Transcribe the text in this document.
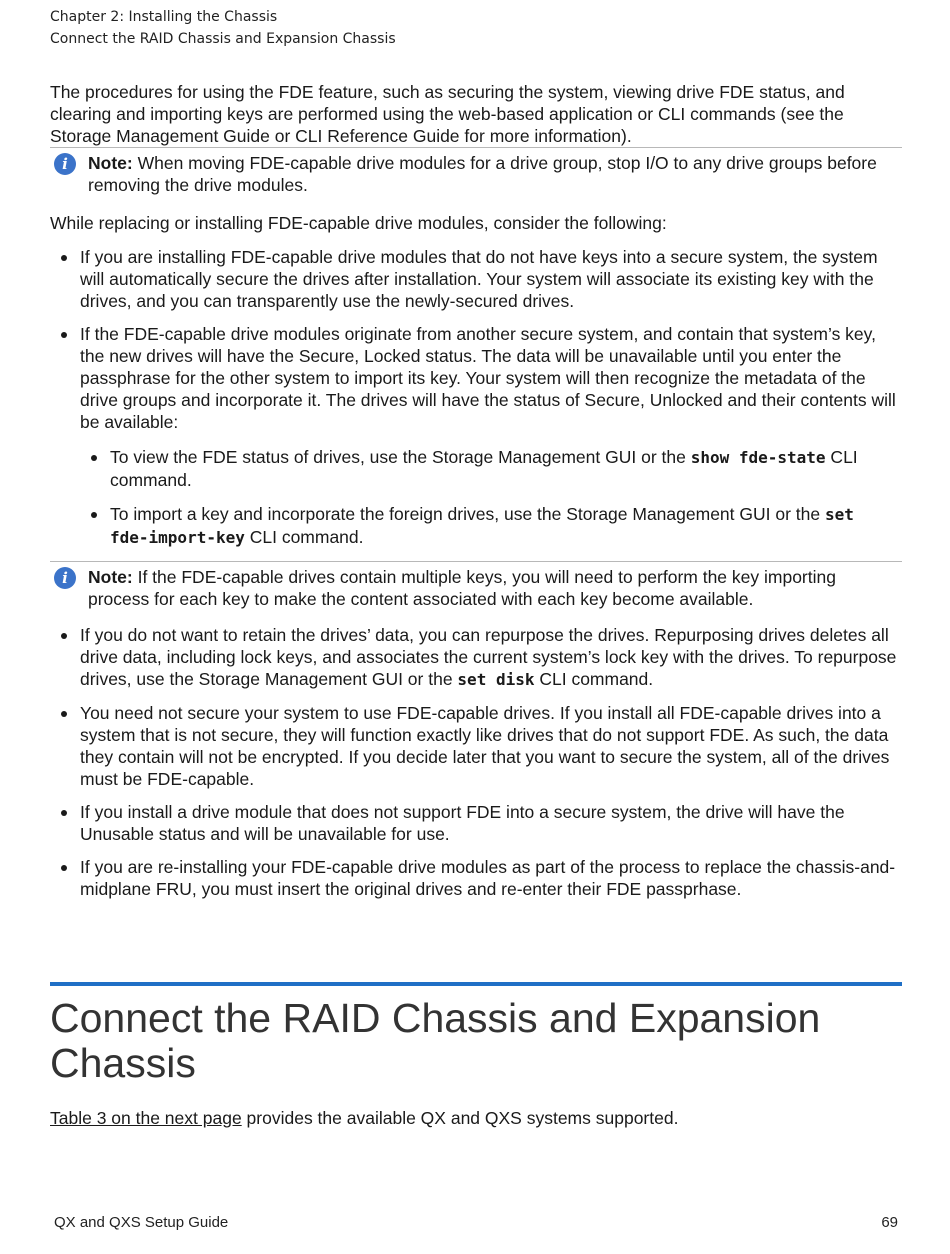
Chapter 2: Installing the Chassis
Connect the RAID Chassis and Expansion Chassis

The procedures for using the FDE feature, such as securing the system, viewing drive FDE status, and clearing and importing keys are performed using the web-based application or CLI commands (see the Storage Management Guide or CLI Reference Guide for more information).

i	Note: When moving FDE-capable drive modules for a drive group, stop I/O to any drive groups before removing the drive modules.

While replacing or installing FDE-capable drive modules, consider the following:

If you are installing FDE-capable drive modules that do not have keys into a secure system, the system will automatically secure the drives after installation. Your system will associate its existing key with the drives, and you can transparently use the newly-secured drives.
If the FDE-capable drive modules originate from another secure system, and contain that system’s key, the new drives will have the Secure, Locked status. The data will be unavailable until you enter the passphrase for the other system to import its key. Your system will then recognize the metadata of the drive groups and incorporate it. The drives will have the status of Secure, Unlocked and their contents will be available:
To view the FDE status of drives, use the Storage Management GUI or the show fde-state CLI command.
To import a key and incorporate the foreign drives, use the Storage Management GUI or the set fde-import-key CLI command.
i	Note: If the FDE-capable drives contain multiple keys, you will need to perform the key importing process for each key to make the content associated with each key become available.

If you do not want to retain the drives’ data, you can repurpose the drives. Repurposing drives deletes all drive data, including lock keys, and associates the current system’s lock key with the drives. To repurpose drives, use the Storage Management GUI or the set disk CLI command.
You need not secure your system to use FDE-capable drives. If you install all FDE-capable drives into a system that is not secure, they will function exactly like drives that do not support FDE. As such, the data they contain will not be encrypted. If you decide later that you want to secure the system, all of the drives must be FDE-capable.
If you install a drive module that does not support FDE into a secure system, the drive will have the Unusable status and will be unavailable for use.
If you are re-installing your FDE-capable drive modules as part of the process to replace the chassis-and-midplane FRU, you must insert the original drives and re-enter their FDE passprhase.
Connect the RAID Chassis and Expansion Chassis

Table 3 on the next page provides the available QX and QXS systems supported.

QX and QXS Setup Guide	69
